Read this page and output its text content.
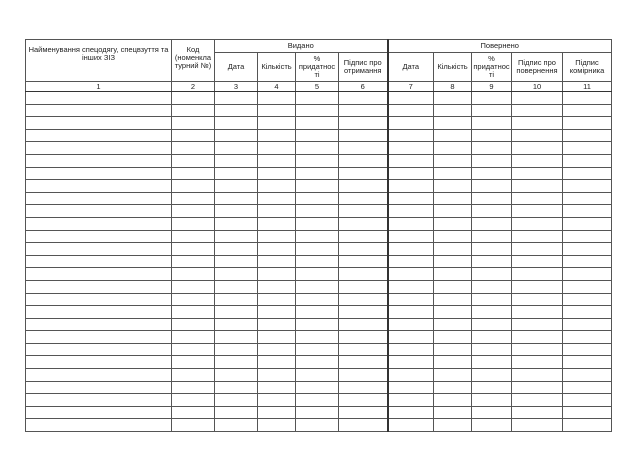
Найменування спецодягу, спецвзуття та інших ЗІЗ	Код (номенкла турний №)	Видано				Повернено				
		Дата	Кількість	% придатнос ті	Підпис про отримання	Дата	Кількість	% придатнос ті	Підпис про повернення	Підпис комірника
1	2	3	4	5	6	7	8	9	10	11
